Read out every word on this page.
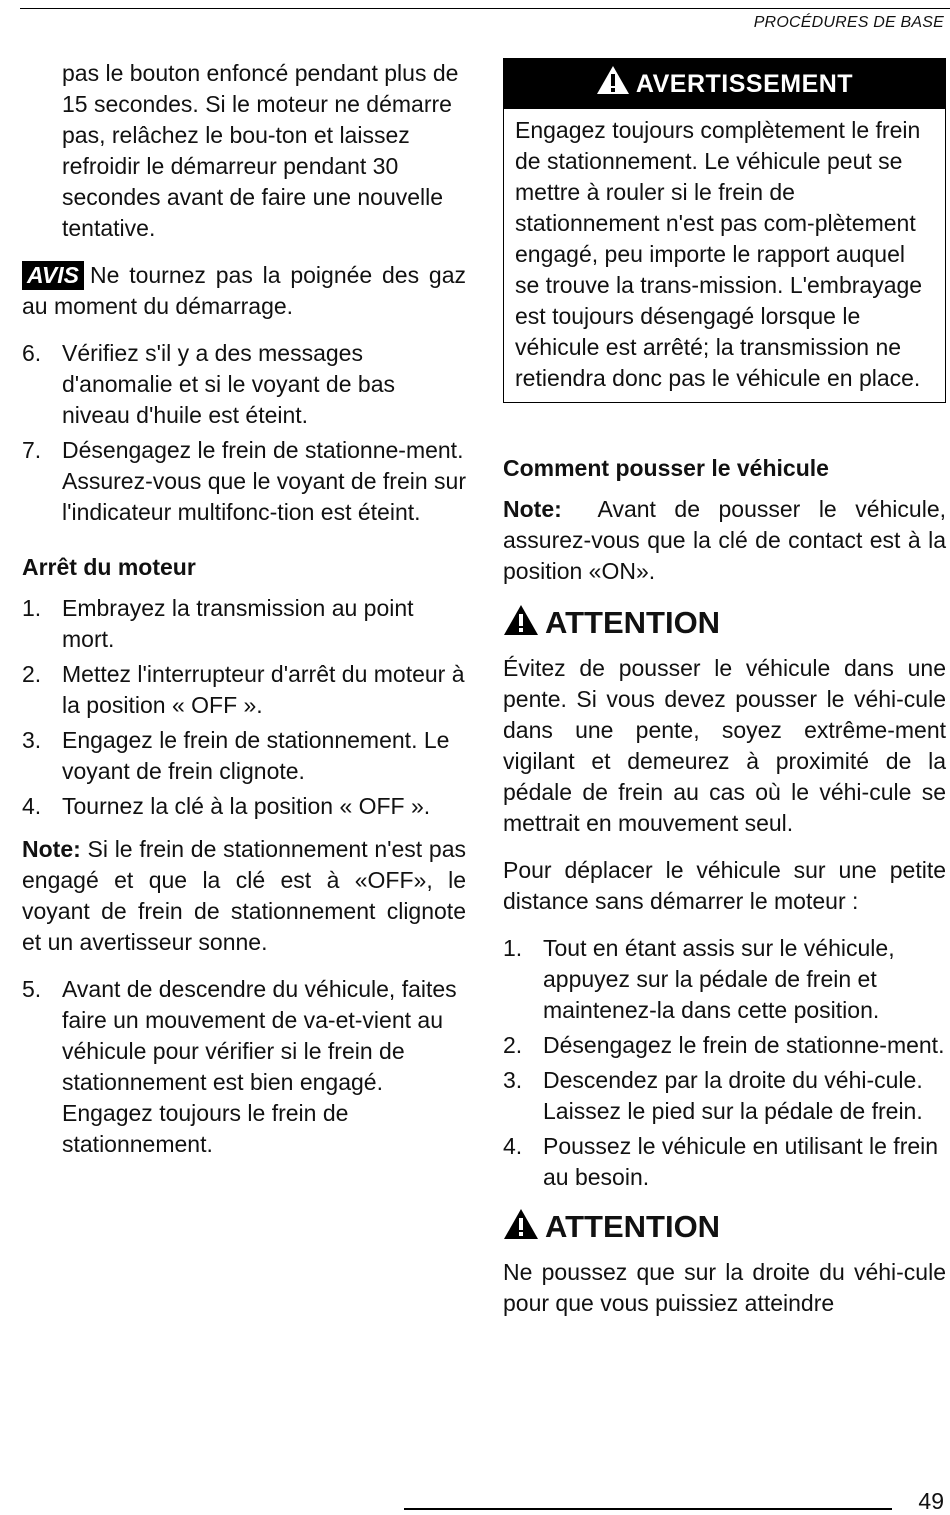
PROCÉDURES DE BASE

pas le bouton enfoncé pendant plus de 15 secondes. Si le moteur ne démarre pas, relâchez le bou-ton et laissez refroidir le démarreur pendant 30 secondes avant de faire une nouvelle tentative.

AVIS Ne tournez pas la poignée des gaz au moment du démarrage.

6. Vérifiez s'il y a des messages d'anomalie et si le voyant de bas niveau d'huile est éteint.
7. Désengagez le frein de stationne-ment. Assurez-vous que le voyant de frein sur l'indicateur multifonc-tion est éteint.
Arrêt du moteur
1. Embrayez la transmission au point mort.
2. Mettez l'interrupteur d'arrêt du moteur à la position « OFF ».
3. Engagez le frein de stationnement. Le voyant de frein clignote.
4. Tournez la clé à la position « OFF ».

Note: Si le frein de stationnement n'est pas engagé et que la clé est à «OFF», le voyant de frein de stationnement clignote et un avertisseur sonne.

5. Avant de descendre du véhicule, faites faire un mouvement de va-et-vient au véhicule pour vérifier si le frein de stationnement est bien engagé. Engagez toujours le frein de stationnement.
AVERTISSEMENT

Engagez toujours complètement le frein de stationnement. Le véhicule peut se mettre à rouler si le frein de stationnement n'est pas com-plètement engagé, peu importe le rapport auquel se trouve la trans-mission. L'embrayage est toujours désengagé lorsque le véhicule est arrêté; la transmission ne retiendra donc pas le véhicule en place.

Comment pousser le véhicule

Note: Avant de pousser le véhicule, assurez-vous que la clé de contact est à la position «ON».

ATTENTION

Évitez de pousser le véhicule dans une pente. Si vous devez pousser le véhi-cule dans une pente, soyez extrême-ment vigilant et demeurez à proximité de la pédale de frein au cas où le véhi-cule se mettrait en mouvement seul.

Pour déplacer le véhicule sur une petite distance sans démarrer le moteur :

1. Tout en étant assis sur le véhicule, appuyez sur la pédale de frein et maintenez-la dans cette position.
2. Désengagez le frein de stationne-ment.
3. Descendez par la droite du véhi-cule. Laissez le pied sur la pédale de frein.
4. Poussez le véhicule en utilisant le frein au besoin.
ATTENTION

Ne poussez que sur la droite du véhi-cule pour que vous puissiez atteindre

49
